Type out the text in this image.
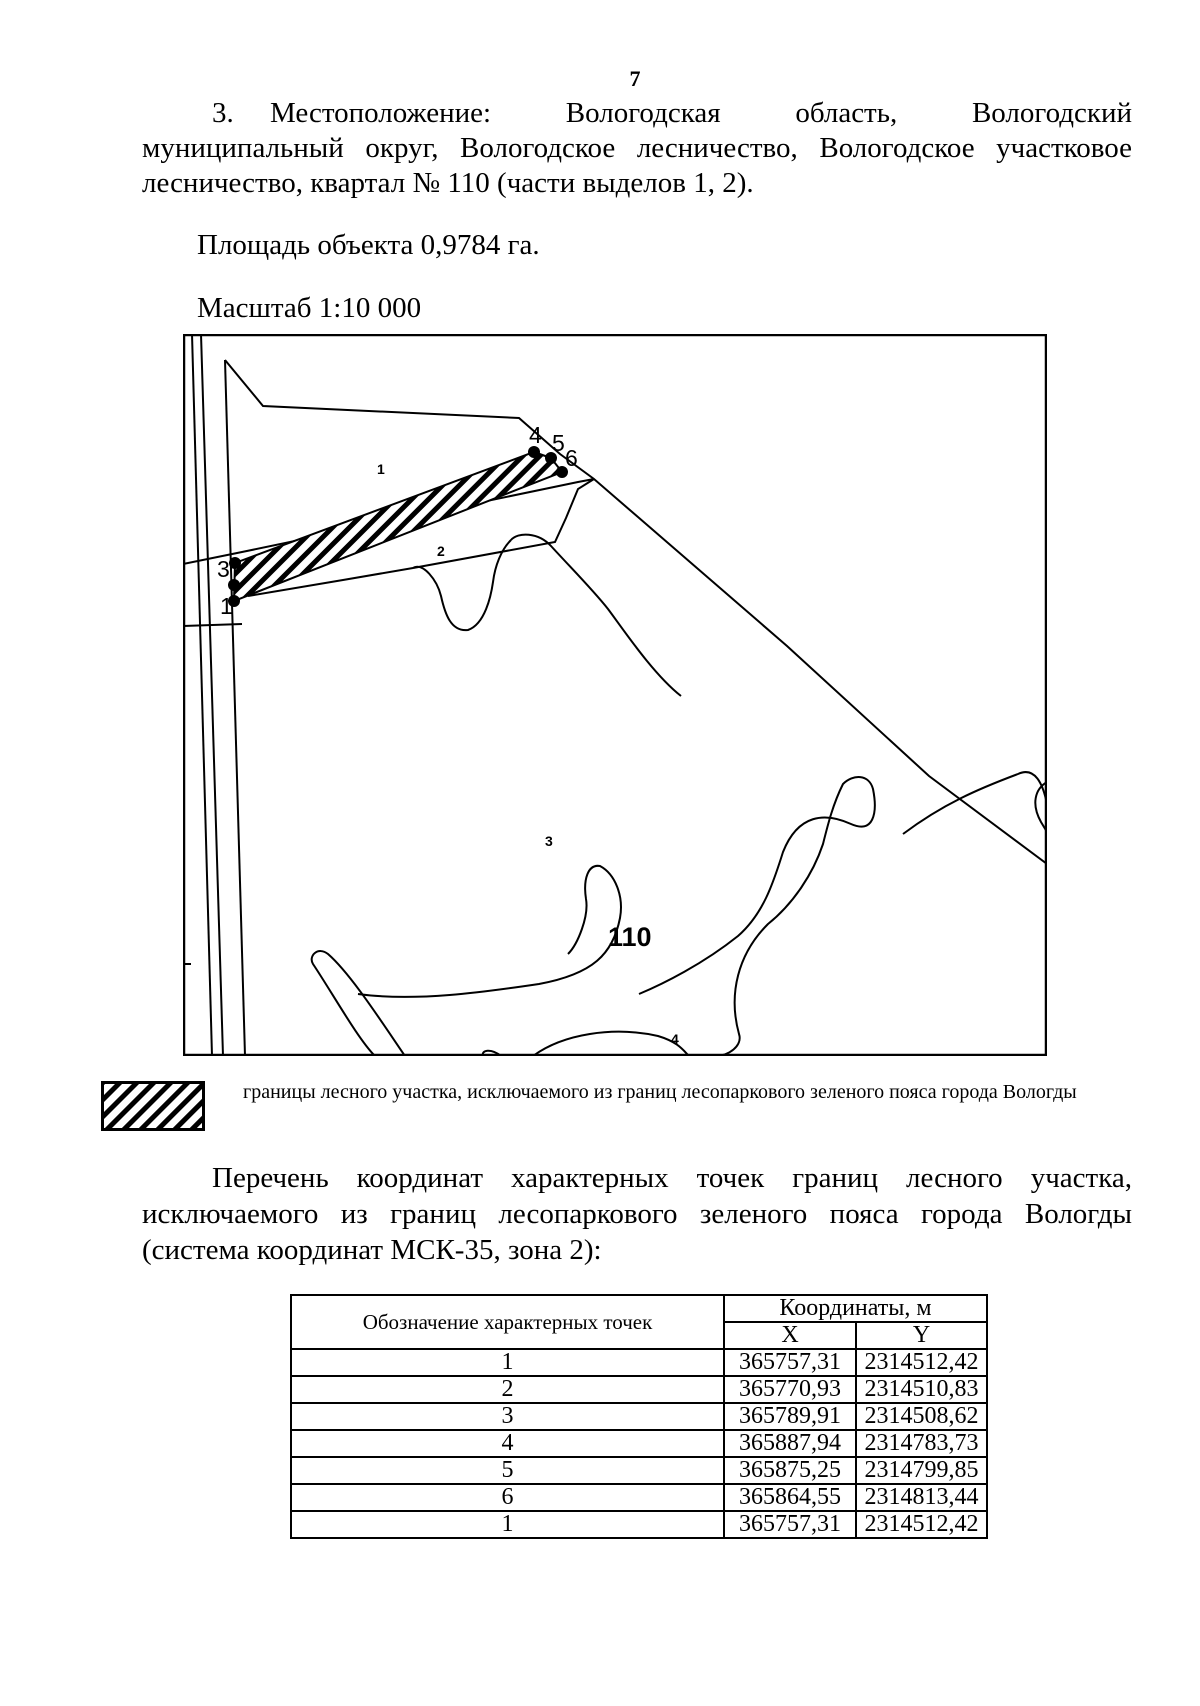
7
3. Местоположение:	Вологодская	область,	Вологодский
муниципальный округ, Вологодское лесничество, Вологодское участковое лесничество, квартал № 110 (части выделов 1, 2).
Площадь объекта 0,9784 га.
Масштаб 1:10 000
1
3
4 5
6
1
2
3
4
110
границы лесного участка, исключаемого из границ лесопаркового зеленого пояса города Вологды
Перечень координат характерных точек границ лесного участка,
исключаемого из границ лесопаркового зеленого пояса города Вологды (система координат МСК-35, зона 2):
Обозначение характерных точек	Координаты, м	
	X	Y
1	365757,31	2314512,42
2	365770,93	2314510,83
3	365789,91	2314508,62
4	365887,94	2314783,73
5	365875,25	2314799,85
6	365864,55	2314813,44
1	365757,31	2314512,42
